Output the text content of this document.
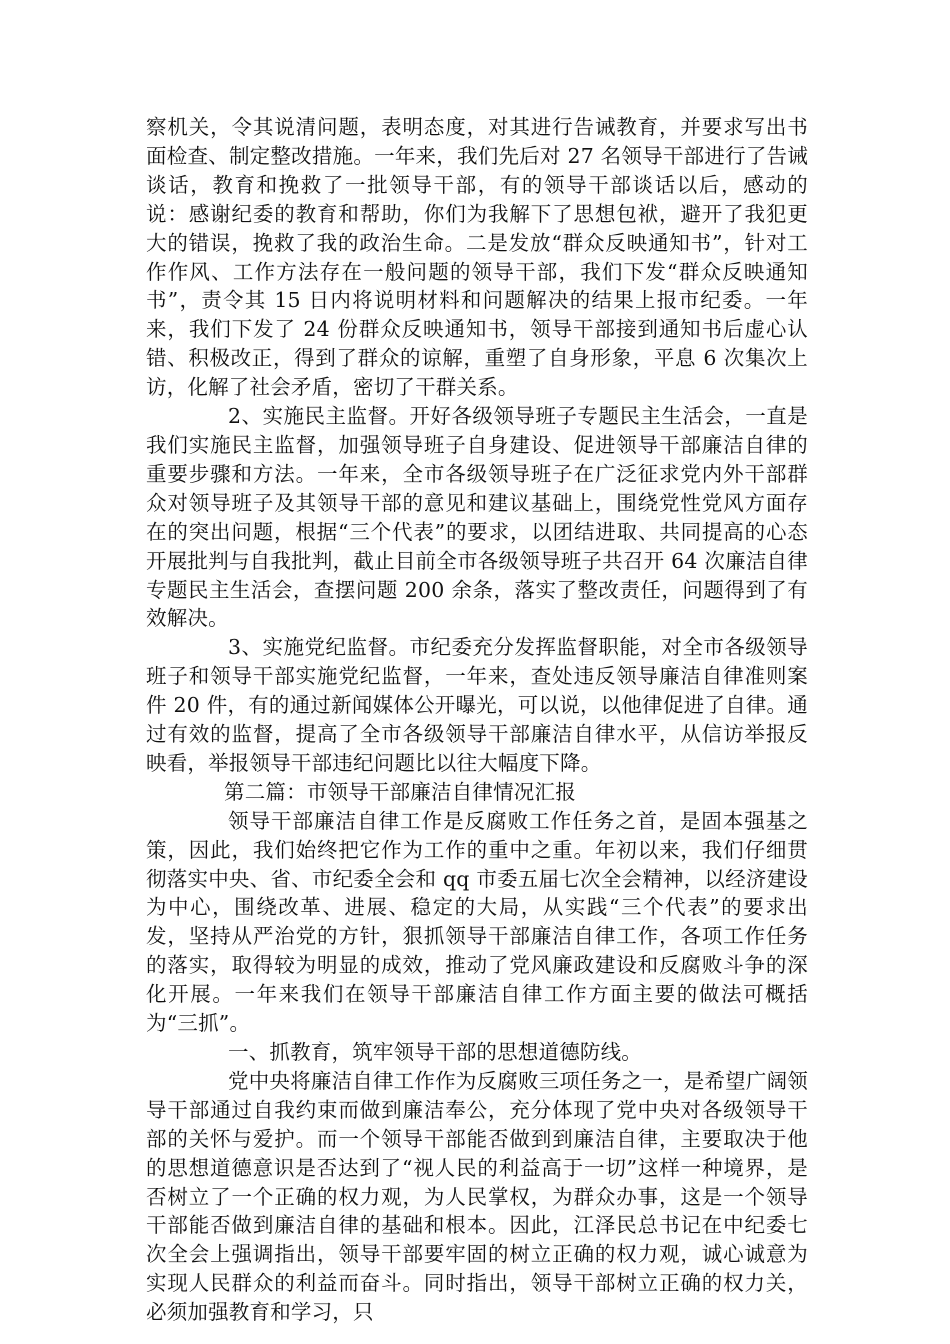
察机关，令其说清问题，表明态度，对其进行告诫教育，并要求写出书面检查、制定整改措施。一年来，我们先后对 27 名领导干部进行了告诫谈话，教育和挽救了一批领导干部，有的领导干部谈话以后，感动的说：感谢纪委的教育和帮助，你们为我解下了思想包袱，避开了我犯更大的错误，挽救了我的政治生命。二是发放“群众反映通知书”，针对工作作风、工作方法存在一般问题的领导干部，我们下发“群众反映通知书”，责令其 15 日内将说明材料和问题解决的结果上报市纪委。一年来，我们下发了 24 份群众反映通知书，领导干部接到通知书后虚心认错、积极改正，得到了群众的谅解，重塑了自身形象，平息 6 次集次上访，化解了社会矛盾，密切了干群关系。

2、实施民主监督。开好各级领导班子专题民主生活会，一直是我们实施民主监督，加强领导班子自身建设、促进领导干部廉洁自律的重要步骤和方法。一年来，全市各级领导班子在广泛征求党内外干部群众对领导班子及其领导干部的意见和建议基础上，围绕党性党风方面存在的突出问题，根据“三个代表”的要求，以团结进取、共同提高的心态开展批判与自我批判，截止目前全市各级领导班子共召开 64 次廉洁自律专题民主生活会，查摆问题 200 余条，落实了整改责任，问题得到了有效解决。

3、实施党纪监督。市纪委充分发挥监督职能，对全市各级领导班子和领导干部实施党纪监督，一年来，查处违反领导廉洁自律准则案件 20 件，有的通过新闻媒体公开曝光，可以说，以他律促进了自律。通过有效的监督，提高了全市各级领导干部廉洁自律水平，从信访举报反映看，举报领导干部违纪问题比以往大幅度下降。

第二篇：市领导干部廉洁自律情况汇报

领导干部廉洁自律工作是反腐败工作任务之首，是固本强基之策，因此，我们始终把它作为工作的重中之重。年初以来，我们仔细贯彻落实中央、省、市纪委全会和 qq 市委五届七次全会精神，以经济建设为中心，围绕改革、进展、稳定的大局，从实践“三个代表”的要求出发，坚持从严治党的方针，狠抓领导干部廉洁自律工作，各项工作任务的落实，取得较为明显的成效，推动了党风廉政建设和反腐败斗争的深化开展。一年来我们在领导干部廉洁自律工作方面主要的做法可概括为“三抓”。

一、抓教育，筑牢领导干部的思想道德防线。

党中央将廉洁自律工作作为反腐败三项任务之一，是希望广阔领导干部通过自我约束而做到廉洁奉公，充分体现了党中央对各级领导干部的关怀与爱护。而一个领导干部能否做到到廉洁自律，主要取决于他的思想道德意识是否达到了“视人民的利益高于一切”这样一种境界，是否树立了一个正确的权力观，为人民掌权，为群众办事，这是一个领导干部能否做到廉洁自律的基础和根本。因此，江泽民总书记在中纪委七次全会上强调指出，领导干部要牢固的树立正确的权力观，诚心诚意为实现人民群众的利益而奋斗。同时指出，领导干部树立正确的权力关，必须加强教育和学习，只
